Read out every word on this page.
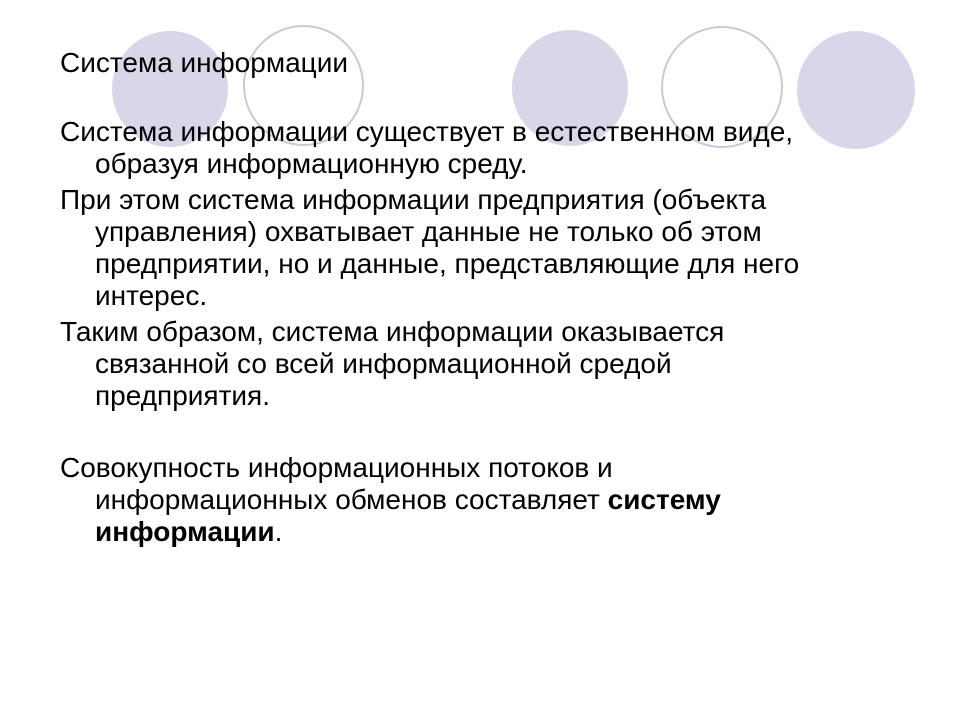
Система информации
Система информации существует в естественном виде,
образуя информационную среду.
При этом система информации предприятия (объекта
управления) охватывает данные не только об этом
предприятии, но и данные, представляющие для него
интерес.
Таким образом, система информации оказывается
связанной со всей информационной средой
предприятия.
Совокупность информационных потоков и
информационных обменов составляет систему
информации.
